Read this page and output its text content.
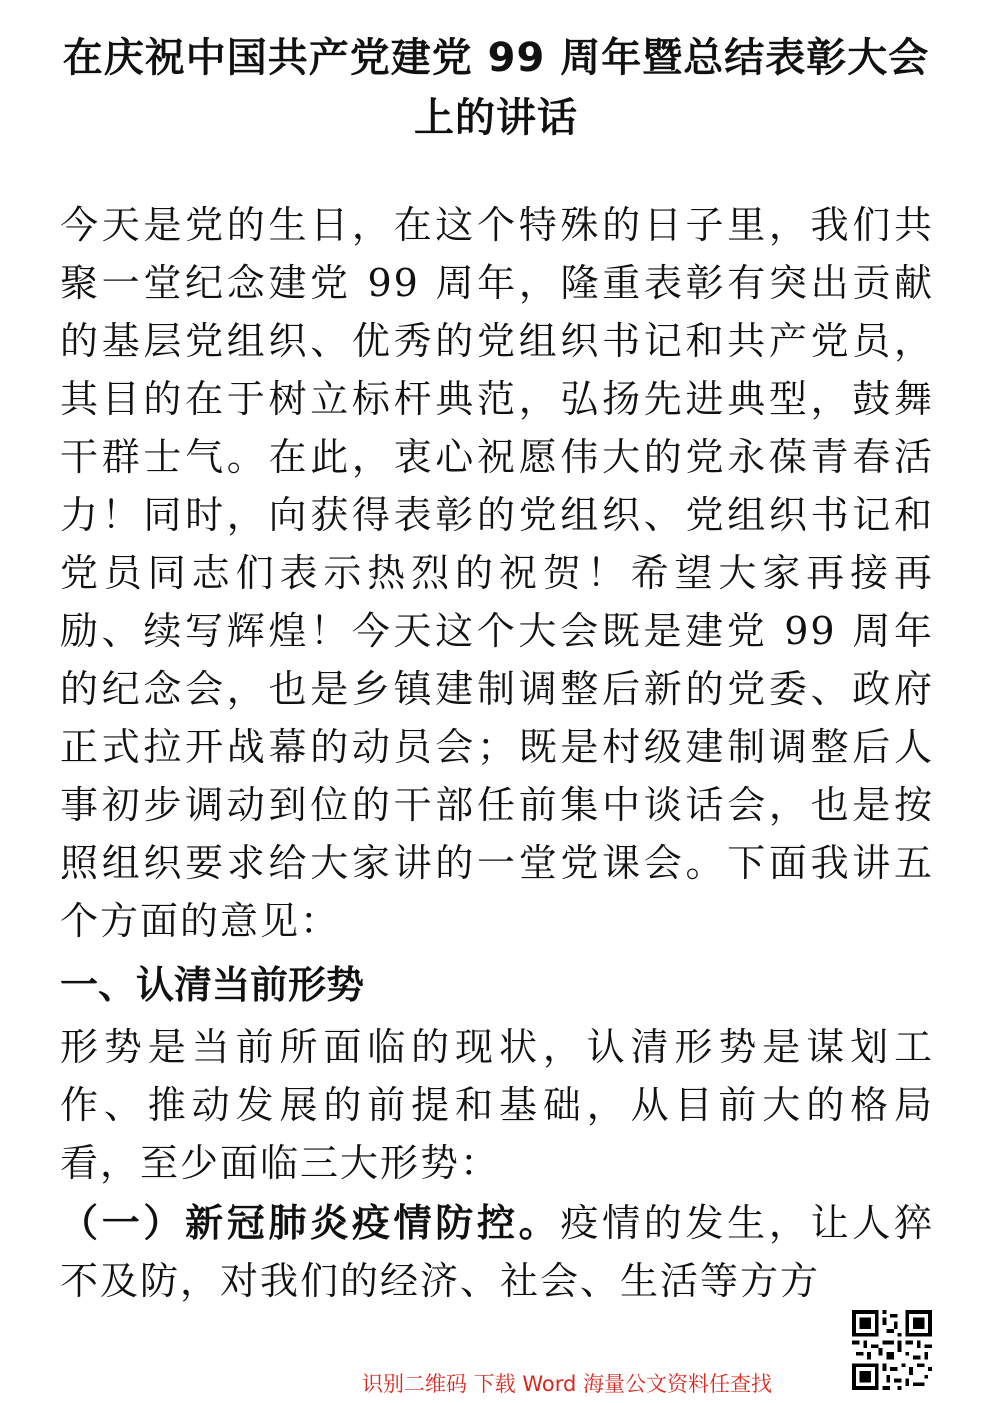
在庆祝中国共产党建党 99 周年暨总结表彰大会上的讲话

今天是党的生日，在这个特殊的日子里，我们共聚一堂纪念建党 99 周年，隆重表彰有突出贡献的基层党组织、优秀的党组织书记和共产党员，其目的在于树立标杆典范，弘扬先进典型，鼓舞干群士气。在此，衷心祝愿伟大的党永葆青春活力！同时，向获得表彰的党组织、党组织书记和党员同志们表示热烈的祝贺！希望大家再接再励、续写辉煌！今天这个大会既是建党 99 周年的纪念会，也是乡镇建制调整后新的党委、政府正式拉开战幕的动员会；既是村级建制调整后人事初步调动到位的干部任前集中谈话会，也是按照组织要求给大家讲的一堂党课会。下面我讲五个方面的意见：

一、认清当前形势

形势是当前所面临的现状，认清形势是谋划工作、推动发展的前提和基础，从目前大的格局看，至少面临三大形势：

（一）新冠肺炎疫情防控。疫情的发生，让人猝不及防，对我们的经济、社会、生活等方方

识别二维码 下载 Word 海量公文资料任查找
